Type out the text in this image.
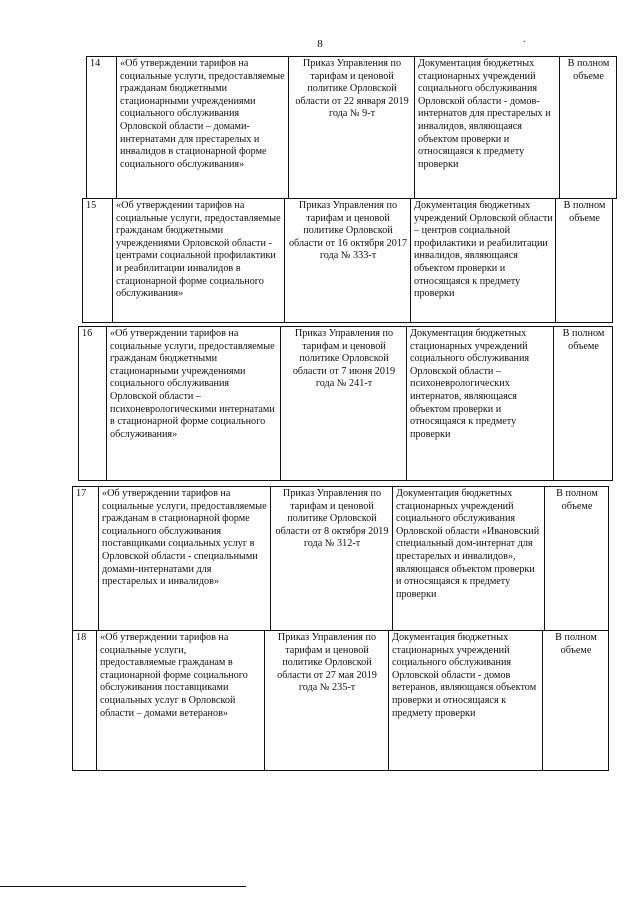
8	.
14	«Об утверждении тарифов на социальные услуги, предоставляемые гражданам бюджетными стационарными учреждениями социального обслуживания Орловской области – домами-интернатами для престарелых и инвалидов в стационарной форме социального обслуживания»	Приказ Управления по тарифам и ценовой политике Орловской области от 22 января 2019 года № 9-т	Документация бюджетных стационарных учреждений социального обслуживания Орловской области - домов-интернатов для престарелых и инвалидов, являющаяся объектом проверки и относящаяся к предмету проверки	В полном объеме
15	«Об утверждении тарифов на социальные услуги, предоставляемые гражданам бюджетными учреждениями Орловской области - центрами социальной профилактики и реабилитации инвалидов в стационарной форме социального обслуживания»	Приказ Управления по тарифам и ценовой политике Орловской области от 16 октября 2017 года № 333-т	Документация бюджетных учреждений Орловской области – центров социальной профилактики и реабилитации инвалидов, являющаяся объектом проверки и относящаяся к предмету проверки	В полном объеме
16	«Об утверждении тарифов на социальные услуги, предоставляемые гражданам бюджетными стационарными учреждениями социального обслуживания Орловской области – психоневрологическими интернатами в стационарной форме социального обслуживания»	Приказ Управления по тарифам и ценовой политике Орловской области от 7 июня 2019 года № 241-т	Документация бюджетных стационарных учреждений социального обслуживания Орловской области – психоневрологических интернатов, являющаяся объектом проверки и относящаяся к предмету проверки	В полном объеме
17	«Об утверждении тарифов на социальные услуги, предоставляемые гражданам в стационарной форме социального обслуживания поставщиками социальных услуг в Орловской области - специальными домами-интернатами для престарелых и инвалидов»	Приказ Управления по тарифам и ценовой политике Орловской области от 8 октября 2019 года № 312-т	Документация бюджетных стационарных учреждений социального обслуживания Орловской области «Ивановский специальный дом-интернат для престарелых и инвалидов», являющаяся объектом проверки и относящаяся к предмету проверки	В полном объеме
18	«Об утверждении тарифов на социальные услуги, предоставляемые гражданам в стационарной форме социального обслуживания поставщиками социальных услуг в Орловской области – домами ветеранов»	Приказ Управления по тарифам и ценовой политике Орловской области от 27 мая 2019 года № 235-т	Документация бюджетных стационарных учреждений социального обслуживания Орловской области - домов ветеранов, являющаяся объектом проверки и относящаяся к предмету проверки	В полном объеме
